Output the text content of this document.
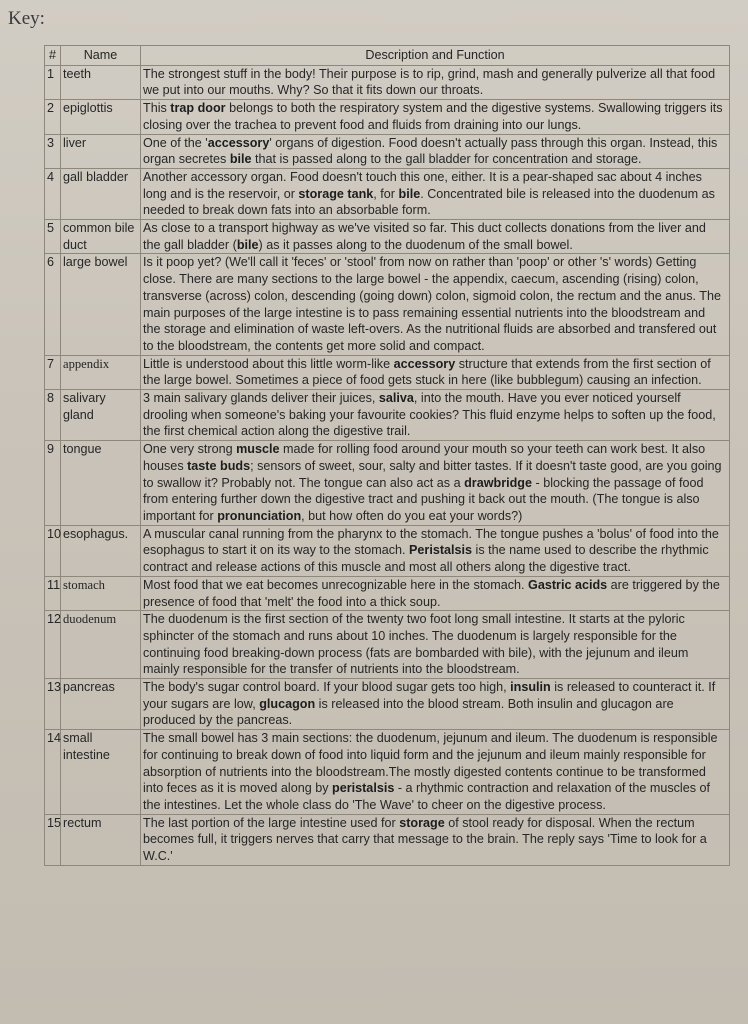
Key:
#	Name	Description and Function
1	teeth	The strongest stuff in the body! Their purpose is to rip, grind, mash and generally pulverize all that food we put into our mouths. Why? So that it fits down our throats.
2	epiglottis	This trap door belongs to both the respiratory system and the digestive systems. Swallowing triggers its closing over the trachea to prevent food and fluids from draining into our lungs.
3	liver	One of the 'accessory' organs of digestion. Food doesn't actually pass through this organ. Instead, this organ secretes bile that is passed along to the gall bladder for concentration and storage.
4	gall bladder	Another accessory organ. Food doesn't touch this one, either. It is a pear-shaped sac about 4 inches long and is the reservoir, or storage tank, for bile. Concentrated bile is released into the duodenum as needed to break down fats into an absorbable form.
5	common bile duct	As close to a transport highway as we've visited so far. This duct collects donations from the liver and the gall bladder (bile) as it passes along to the duodenum of the small bowel.
6	large bowel	Is it poop yet? (We'll call it 'feces' or 'stool' from now on rather than 'poop' or other 's' words) Getting close. There are many sections to the large bowel - the appendix, caecum, ascending (rising) colon, transverse (across) colon, descending (going down) colon, sigmoid colon, the rectum and the anus. The main purposes of the large intestine is to pass remaining essential nutrients into the bloodstream and the storage and elimination of waste left-overs. As the nutritional fluids are absorbed and transfered out to the bloodstream, the contents get more solid and compact.
7	appendix	Little is understood about this little worm-like accessory structure that extends from the first section of the large bowel. Sometimes a piece of food gets stuck in here (like bubblegum) causing an infection.
8	salivary gland	3 main salivary glands deliver their juices, saliva, into the mouth. Have you ever noticed yourself drooling when someone's baking your favourite cookies? This fluid enzyme helps to soften up the food, the first chemical action along the digestive trail.
9	tongue	One very strong muscle made for rolling food around your mouth so your teeth can work best. It also houses taste buds; sensors of sweet, sour, salty and bitter tastes. If it doesn't taste good, are you going to swallow it? Probably not. The tongue can also act as a drawbridge - blocking the passage of food from entering further down the digestive tract and pushing it back out the mouth. (The tongue is also important for pronunciation, but how often do you eat your words?)
10	esophagus.	A muscular canal running from the pharynx to the stomach. The tongue pushes a 'bolus' of food into the esophagus to start it on its way to the stomach. Peristalsis is the name used to describe the rhythmic contract and release actions of this muscle and most all others along the digestive tract.
11	stomach	Most food that we eat becomes unrecognizable here in the stomach. Gastric acids are triggered by the presence of food that 'melt' the food into a thick soup.
12	duodenum	The duodenum is the first section of the twenty two foot long small intestine. It starts at the pyloric sphincter of the stomach and runs about 10 inches. The duodenum is largely responsible for the continuing food breaking-down process (fats are bombarded with bile), with the jejunum and ileum mainly responsible for the transfer of nutrients into the bloodstream.
13	pancreas	The body's sugar control board. If your blood sugar gets too high, insulin is released to counteract it. If your sugars are low, glucagon is released into the blood stream. Both insulin and glucagon are produced by the pancreas.
14	small intestine	The small bowel has 3 main sections: the duodenum, jejunum and ileum. The duodenum is responsible for continuing to break down of food into liquid form and the jejunum and ileum mainly responsible for absorption of nutrients into the bloodstream.The mostly digested contents continue to be transformed into feces as it is moved along by peristalsis - a rhythmic contraction and relaxation of the muscles of the intestines. Let the whole class do 'The Wave' to cheer on the digestive process.
15	rectum	The last portion of the large intestine used for storage of stool ready for disposal. When the rectum becomes full, it triggers nerves that carry that message to the brain. The reply says 'Time to look for a W.C.'
